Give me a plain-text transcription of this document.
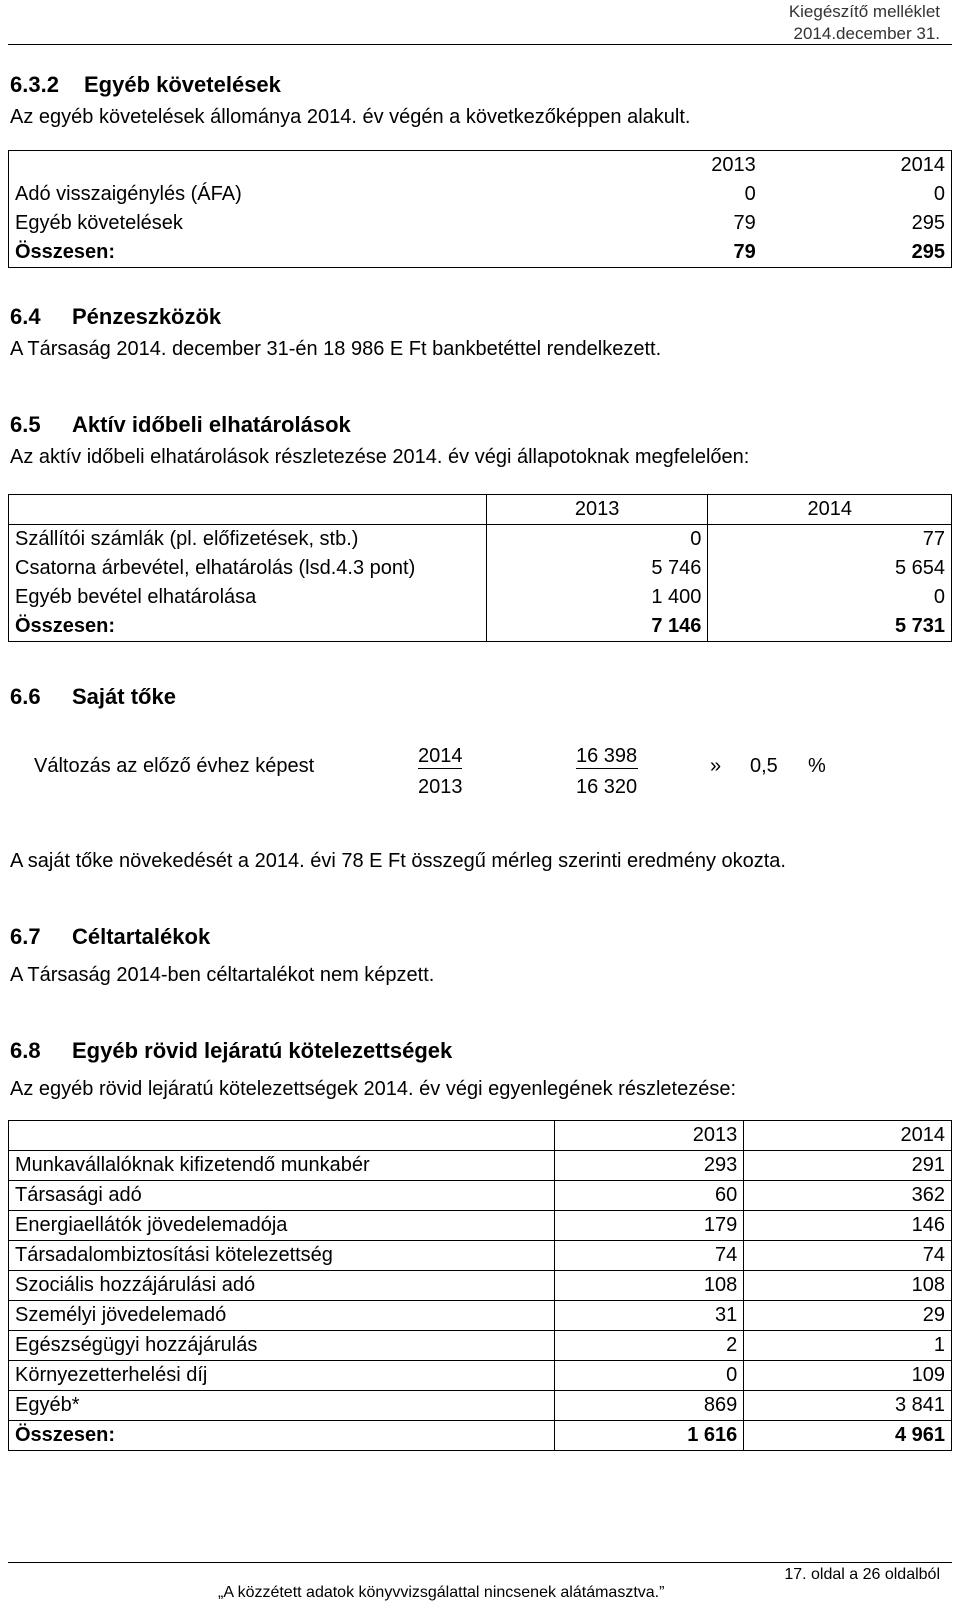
Kiegészítő melléklet
2014.december 31.
6.3.2 Egyéb követelések
Az egyéb követelések állománya 2014. év végén a következőképpen alakult.
	2013	2014
Adó visszaigénylés (ÁFA)	0	0
Egyéb követelések	79	295
Összesen:	79	295
6.4 Pénzeszközök
A Társaság 2014. december 31-én 18 986 E Ft bankbetéttel rendelkezett.
6.5 Aktív időbeli elhatárolások
Az aktív időbeli elhatárolások részletezése 2014. év végi állapotoknak megfelelően:
	2013	2014
Szállítói számlák (pl. előfizetések, stb.)	0	77
Csatorna árbevétel, elhatárolás (lsd.4.3 pont)	5 746	5 654
Egyéb bevétel elhatárolása	1 400	0
Összesen:	7 146	5 731
6.6 Saját tőke
Változás az előző évhez képest	2014
2013
16 398
16 320
» 0,5 %
A saját tőke növekedését a 2014. évi 78 E Ft összegű mérleg szerinti eredmény okozta.
6.7 Céltartalékok
A Társaság 2014-ben céltartalékot nem képzett.
6.8 Egyéb rövid lejáratú kötelezettségek
Az egyéb rövid lejáratú kötelezettségek 2014. év végi egyenlegének részletezése:
	2013	2014
Munkavállalóknak kifizetendő munkabér	293	291
Társasági adó	60	362
Energiaellátók jövedelemadója	179	146
Társadalombiztosítási kötelezettség	74	74
Szociális hozzájárulási adó	108	108
Személyi jövedelemadó	31	29
Egészségügyi hozzájárulás	2	1
Környezetterhelési díj	0	109
Egyéb*	869	3 841
Összesen:	1 616	4 961
17. oldal a 26 oldalból
„A közzétett adatok könyvvizsgálattal nincsenek alátámasztva.”
